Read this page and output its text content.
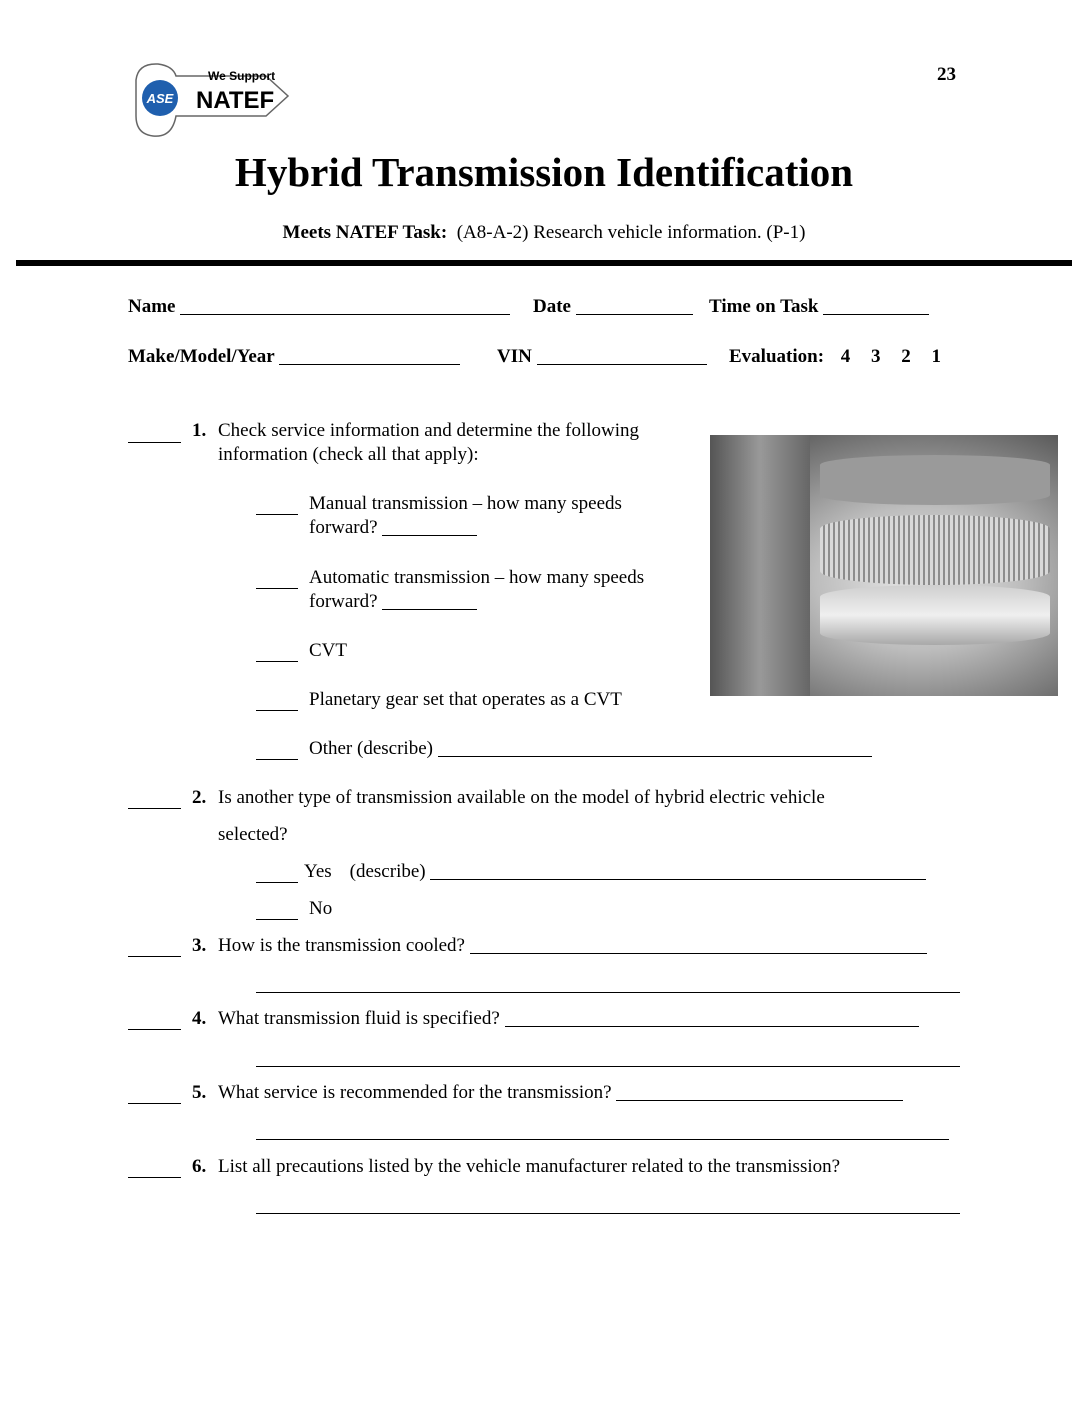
23
ASE
We Support
NATEF
Hybrid Transmission Identification
Meets NATEF Task: (A8-A-2) Research vehicle information. (P-1)
Name	Date	Time on Task
Make/Model/Year	VIN	Evaluation: 4 3 2 1
1. Check service information and determine the following
information (check all that apply):
Manual transmission – how many speeds
forward?
Automatic transmission – how many speeds
forward?
CVT
Planetary gear set that operates as a CVT
Other (describe)
2. Is another type of transmission available on the model of hybrid electric vehicle
selected?
Yes (describe)
No
3. How is the transmission cooled?
4. What transmission fluid is specified?
5. What service is recommended for the transmission?
6. List all precautions listed by the vehicle manufacturer related to the transmission?
